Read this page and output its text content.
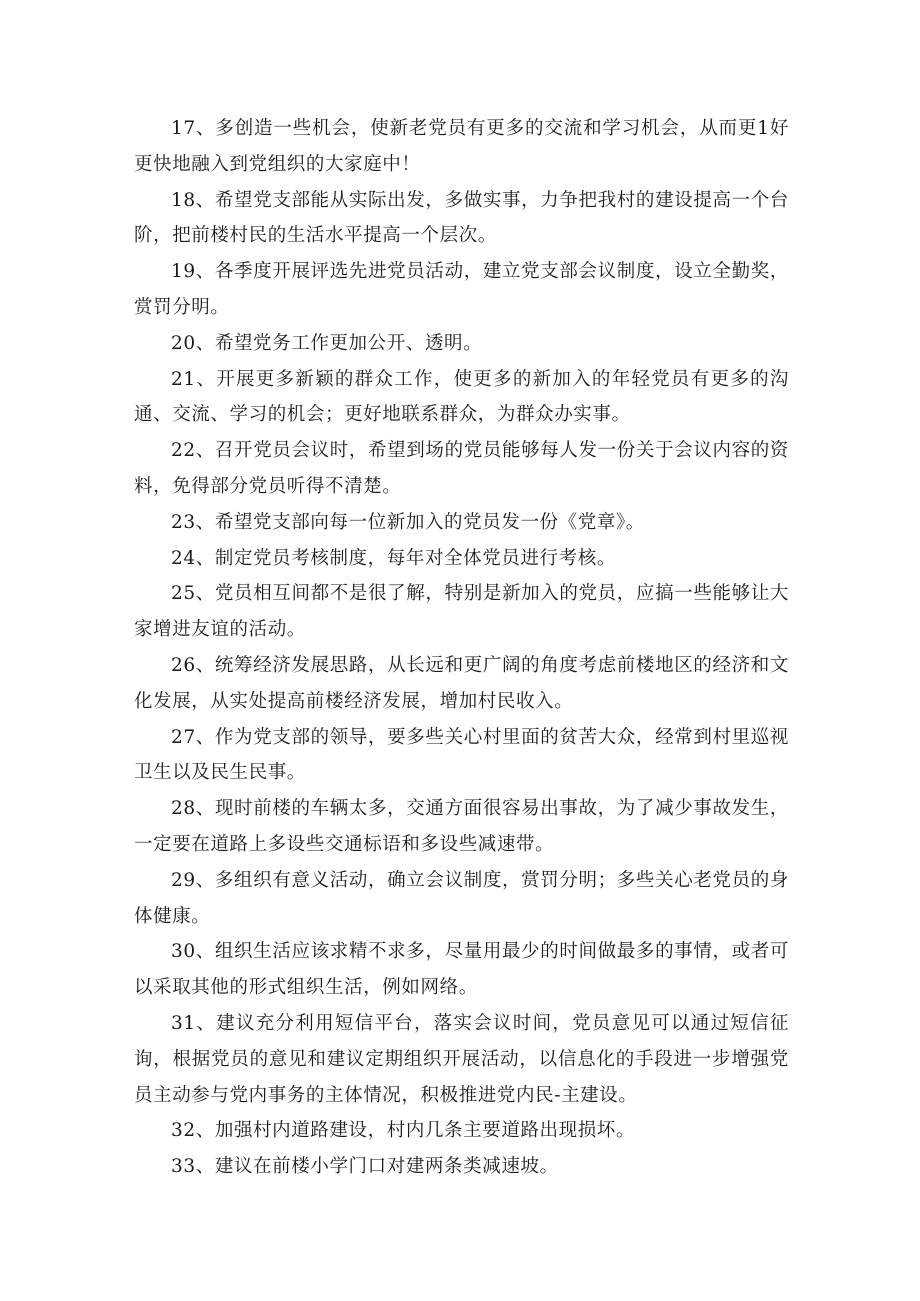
17、多创造一些机会，使新老党员有更多的交流和学习机会，从而更1好更快地融入到党组织的大家庭中！

18、希望党支部能从实际出发，多做实事，力争把我村的建设提高一个台阶，把前楼村民的生活水平提高一个层次。

19、各季度开展评选先进党员活动，建立党支部会议制度，设立全勤奖，赏罚分明。

20、希望党务工作更加公开、透明。

21、开展更多新颖的群众工作，使更多的新加入的年轻党员有更多的沟通、交流、学习的机会；更好地联系群众，为群众办实事。

22、召开党员会议时，希望到场的党员能够每人发一份关于会议内容的资料，免得部分党员听得不清楚。

23、希望党支部向每一位新加入的党员发一份《党章》。

24、制定党员考核制度，每年对全体党员进行考核。

25、党员相互间都不是很了解，特别是新加入的党员，应搞一些能够让大家增进友谊的活动。

26、统筹经济发展思路，从长远和更广阔的角度考虑前楼地区的经济和文化发展，从实处提高前楼经济发展，增加村民收入。

27、作为党支部的领导，要多些关心村里面的贫苦大众，经常到村里巡视卫生以及民生民事。

28、现时前楼的车辆太多，交通方面很容易出事故，为了减少事故发生，一定要在道路上多设些交通标语和多设些减速带。

29、多组织有意义活动，确立会议制度，赏罚分明；多些关心老党员的身体健康。

30、组织生活应该求精不求多，尽量用最少的时间做最多的事情，或者可以采取其他的形式组织生活，例如网络。

31、建议充分利用短信平台，落实会议时间，党员意见可以通过短信征询，根据党员的意见和建议定期组织开展活动，以信息化的手段进一步增强党员主动参与党内事务的主体情况，积极推进党内民-主建设。

32、加强村内道路建设，村内几条主要道路出现损坏。

33、建议在前楼小学门口对建两条类减速坡。
